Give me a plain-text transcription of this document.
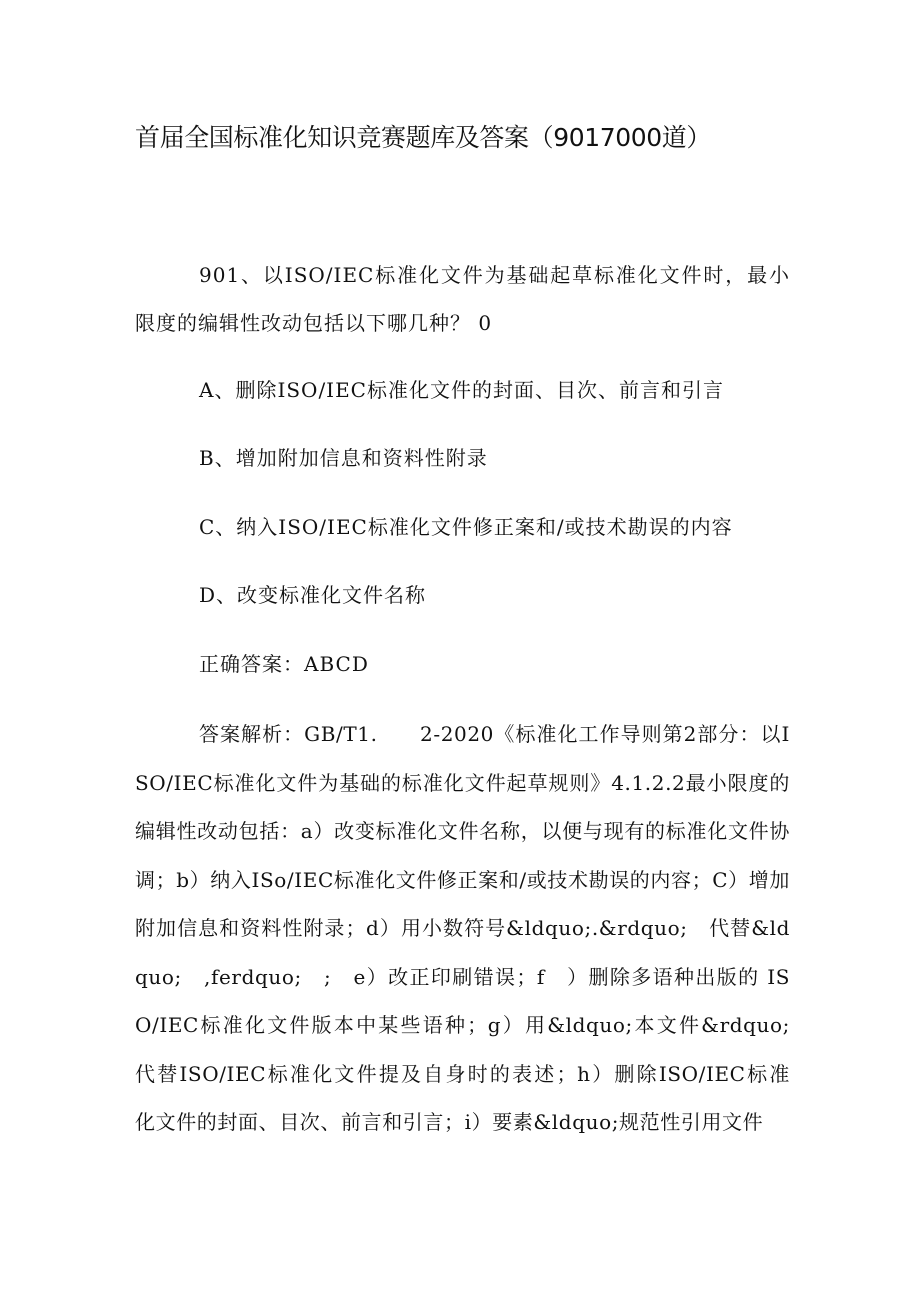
首届全国标准化知识竞赛题库及答案（9017000道）

901、以ISO/IEC标准化文件为基础起草标准化文件时，最小 限度的编辑性改动包括以下哪几种？ 0

A、删除ISO/IEC标准化文件的封面、目次、前言和引言

B、增加附加信息和资料性附录

C、纳入ISO/IEC标准化文件修正案和/或技术勘误的内容

D、改变标准化文件名称

正确答案：ABCD

答案解析：GB/T1.　　2-2020《标准化工作导则第2部分：以ISO/IEC标准化文件为基础的标准化文件起草规则》4.1.2.2最小限度的编辑性改动包括：a）改变标准化文件名称，以便与现有的标准化文件协调；b）纳入ISo/IEC标准化文件修正案和/或技术勘误的内容；C）增加附加信息和资料性附录；d）用小数符号&ldquo;.&rdquo;　代替&ldquo;　,ferdquo;　;　e）改正印刷错误；f　）删除多语种出版的 ISO/IEC标准化文件版本中某些语种；g）用&ldquo;本文件&rdquo;　代替ISO/IEC标准化文件提及自身时的表述；h）删除ISO/IEC标准　化文件的封面、目次、前言和引言；i）要素&ldquo;规范性引用文件
